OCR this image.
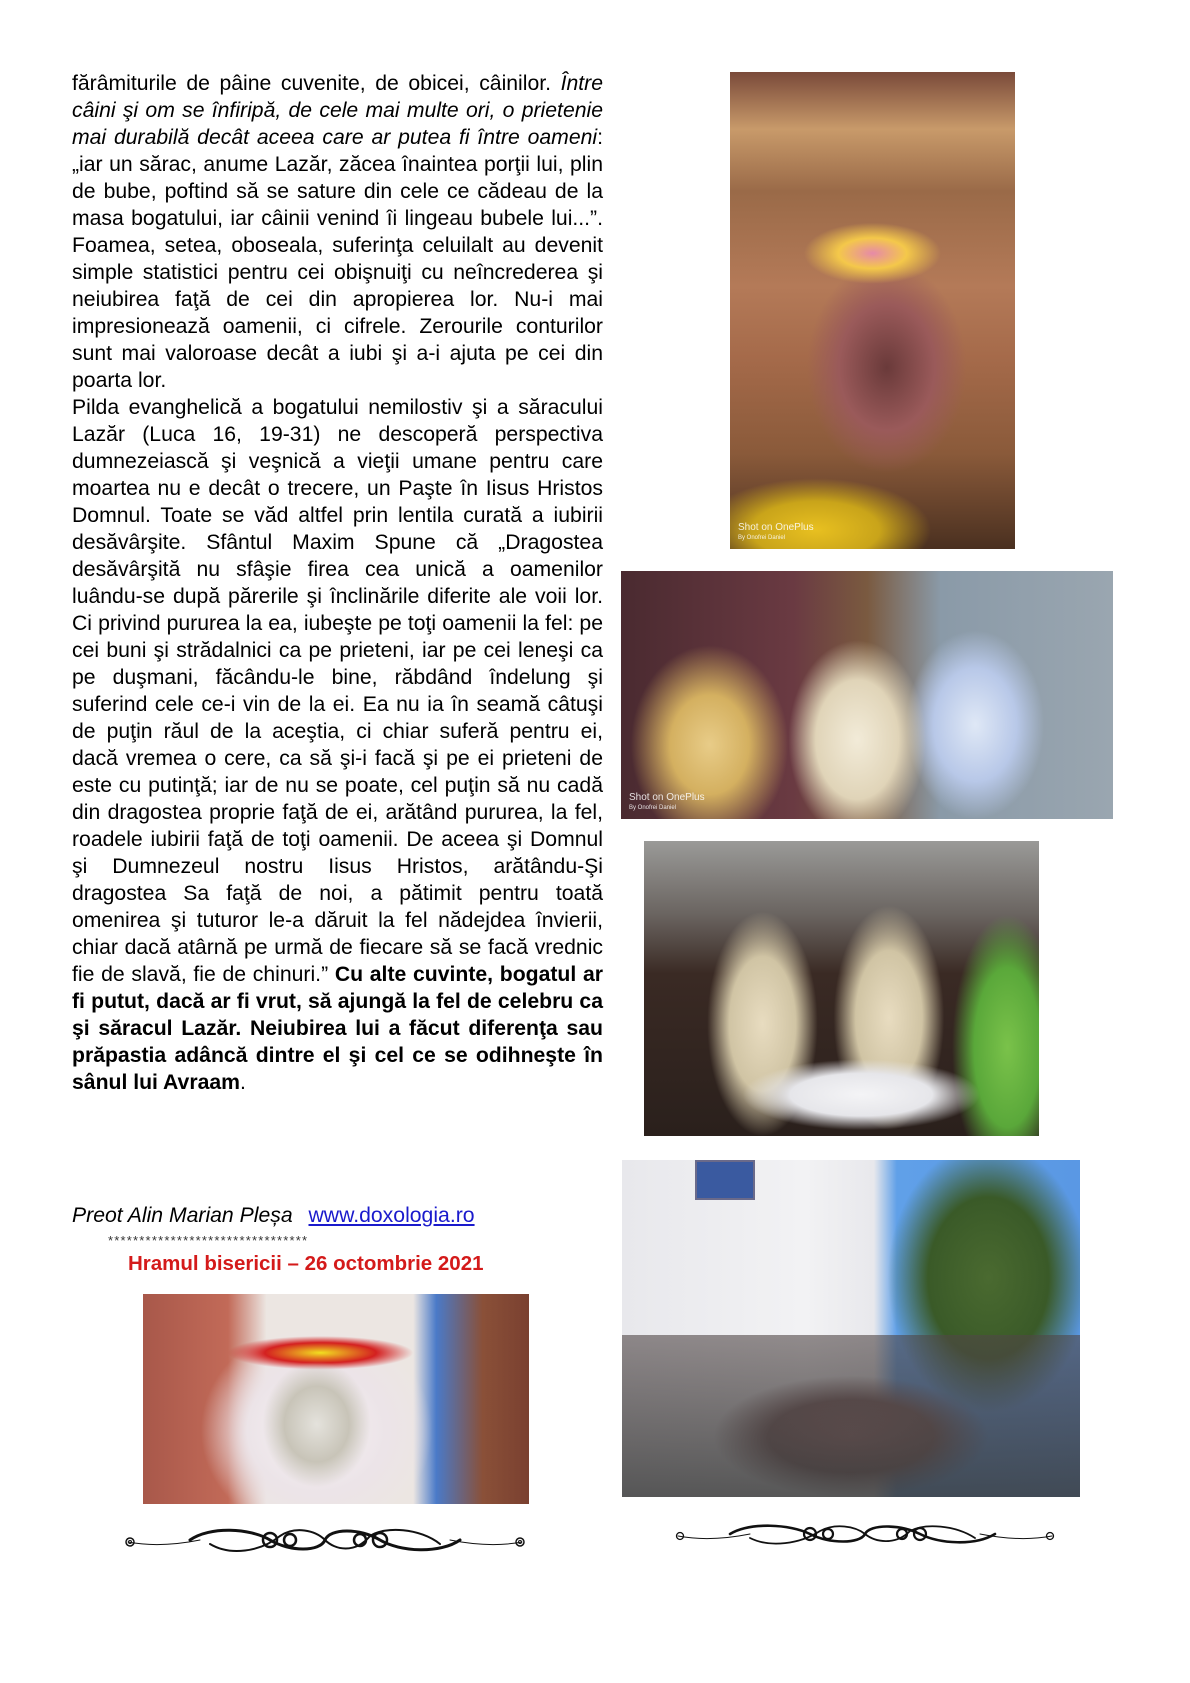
fărâmiturile de pâine cuvenite, de obicei, câinilor. Între câini şi om se înfiripă, de cele mai multe ori, o prietenie mai durabilă decât aceea care ar putea fi între oameni: „iar un sărac, anume Lazăr, zăcea înaintea porţii lui, plin de bube, poftind să se sature din cele ce cădeau de la masa bogatului, iar câinii venind îi lingeau bubele lui...”. Foamea, setea, oboseala, suferinţa celuilalt au devenit simple statistici pentru cei obişnuiţi cu neîncrederea şi neiubirea faţă de cei din apropierea lor. Nu-i mai impresionează oamenii, ci cifrele. Zerourile conturilor sunt mai valoroase decât a iubi şi a-i ajuta pe cei din poarta lor.

Pilda evanghelică a bogatului nemilostiv şi a săracului Lazăr (Luca 16, 19-31) ne descoperă perspectiva dumnezeiască şi veşnică a vieţii umane pentru care moartea nu e decât o trecere, un Paşte în Iisus Hristos Domnul. Toate se văd altfel prin lentila curată a iubirii desăvârşite. Sfântul Maxim Spune că „Dragostea desăvârşită nu sfâşie firea cea unică a oamenilor luându-se după părerile şi înclinările diferite ale voii lor. Ci privind pururea la ea, iubeşte pe toţi oamenii la fel: pe cei buni şi strădalnici ca pe prieteni, iar pe cei leneşi ca pe duşmani, făcându-le bine, răbdând îndelung şi suferind cele ce-i vin de la ei. Ea nu ia în seamă câtuşi de puţin răul de la aceştia, ci chiar suferă pentru ei, dacă vremea o cere, ca să şi-i facă şi pe ei prieteni de este cu putinţă; iar de nu se poate, cel puţin să nu cadă din dragostea proprie faţă de ei, arătând pururea, la fel, roadele iubirii faţă de toţi oamenii. De aceea şi Domnul şi Dumnezeul nostru Iisus Hristos, arătându-Şi dragostea Sa faţă de noi, a pătimit pentru toată omenirea şi tuturor le-a dăruit la fel nădejdea învierii, chiar dacă atârnă pe urmă de fiecare să se facă vrednic fie de slavă, fie de chinuri.” Cu alte cuvinte, bogatul ar fi putut, dacă ar fi vrut, să ajungă la fel de celebru ca şi săracul Lazăr. Neiubirea lui a făcut diferenţa sau prăpastia adâncă dintre el şi cel ce se odihneşte în sânul lui Avraam.

Preot Alin Marian Pleșa www.doxologia.ro
********************************
Hramul bisericii – 26 octombrie 2021
Shot on OnePlus
By Onofrei Daniel
Shot on OnePlus
By Onofrei Daniel
